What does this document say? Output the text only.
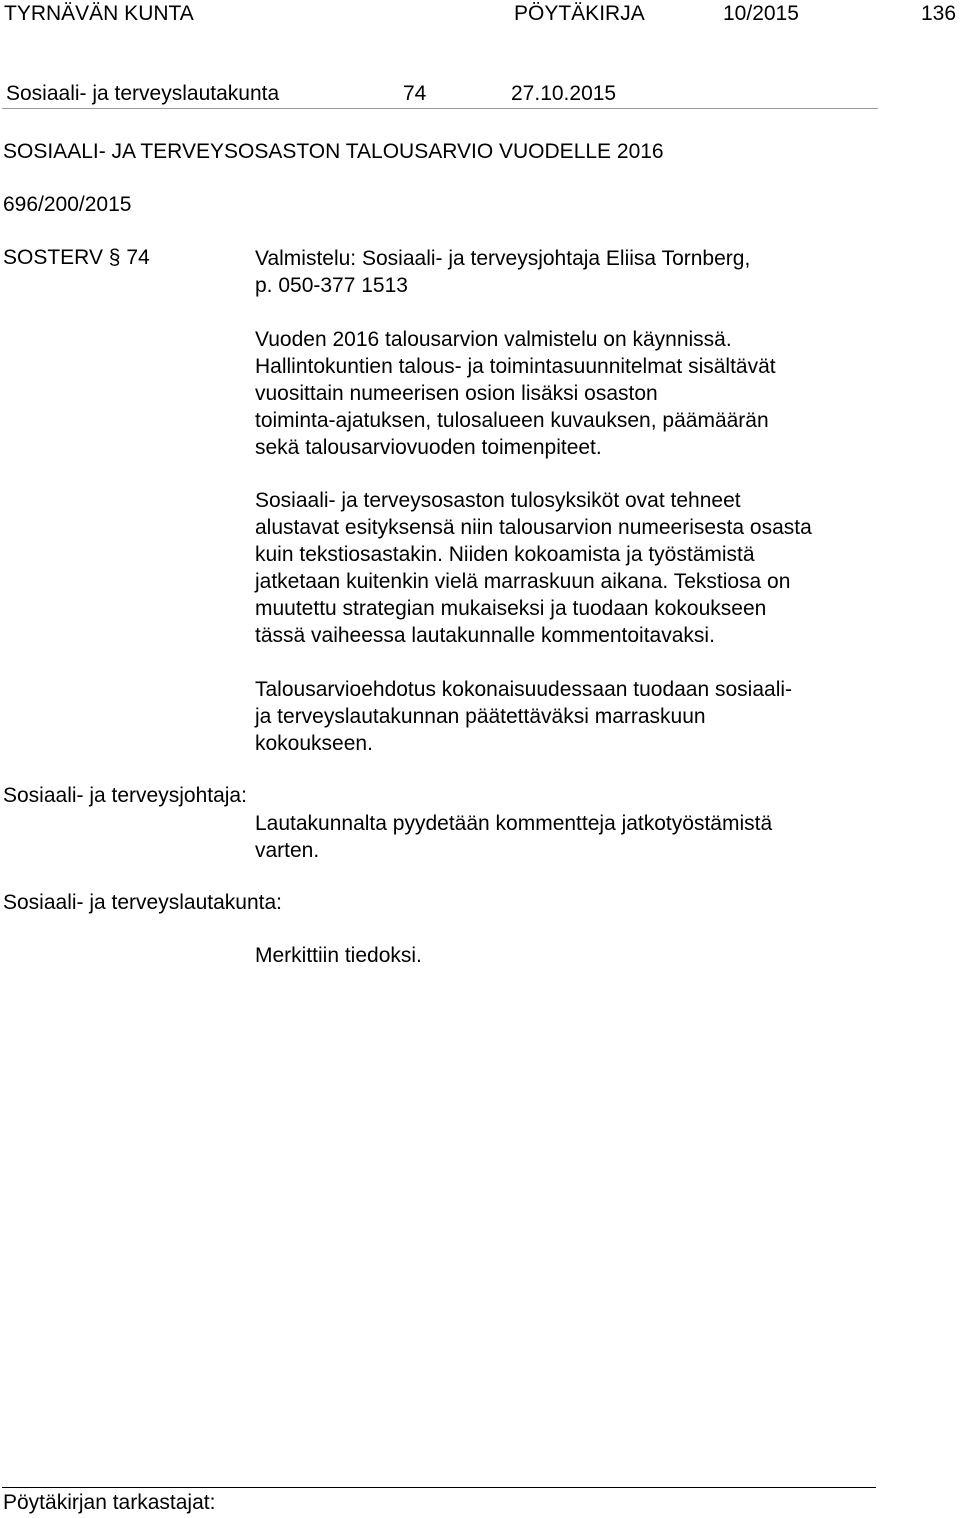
TYRNÄVÄN KUNTA	PÖYTÄKIRJA	10/2015	136
Sosiaali- ja terveyslautakunta	74	27.10.2015
SOSIAALI- JA TERVEYSOSASTON TALOUSARVIO VUODELLE 2016
696/200/2015
SOSTERV § 74	Valmistelu: Sosiaali- ja terveysjohtaja Eliisa Tornberg,
p. 050-377 1513
Vuoden 2016 talousarvion valmistelu on käynnissä.
Hallintokuntien talous- ja toimintasuunnitelmat sisältävät
vuosittain numeerisen osion lisäksi osaston
toiminta-ajatuksen, tulosalueen kuvauksen, päämäärän
sekä talousarviovuoden toimenpiteet.
Sosiaali- ja terveysosaston tulosyksiköt ovat tehneet
alustavat esityksensä niin talousarvion numeerisesta osasta
kuin tekstiosastakin. Niiden kokoamista ja työstämistä
jatketaan kuitenkin vielä marraskuun aikana. Tekstiosa on
muutettu strategian mukaiseksi ja tuodaan kokoukseen
tässä vaiheessa lautakunnalle kommentoitavaksi.
Talousarvioehdotus kokonaisuudessaan tuodaan sosiaali-
ja terveyslautakunnan päätettäväksi marraskuun
kokoukseen.
Sosiaali- ja terveysjohtaja:
Lautakunnalta pyydetään kommentteja jatkotyöstämistä
varten.
Sosiaali- ja terveyslautakunta:
Merkittiin tiedoksi.
Pöytäkirjan tarkastajat:
